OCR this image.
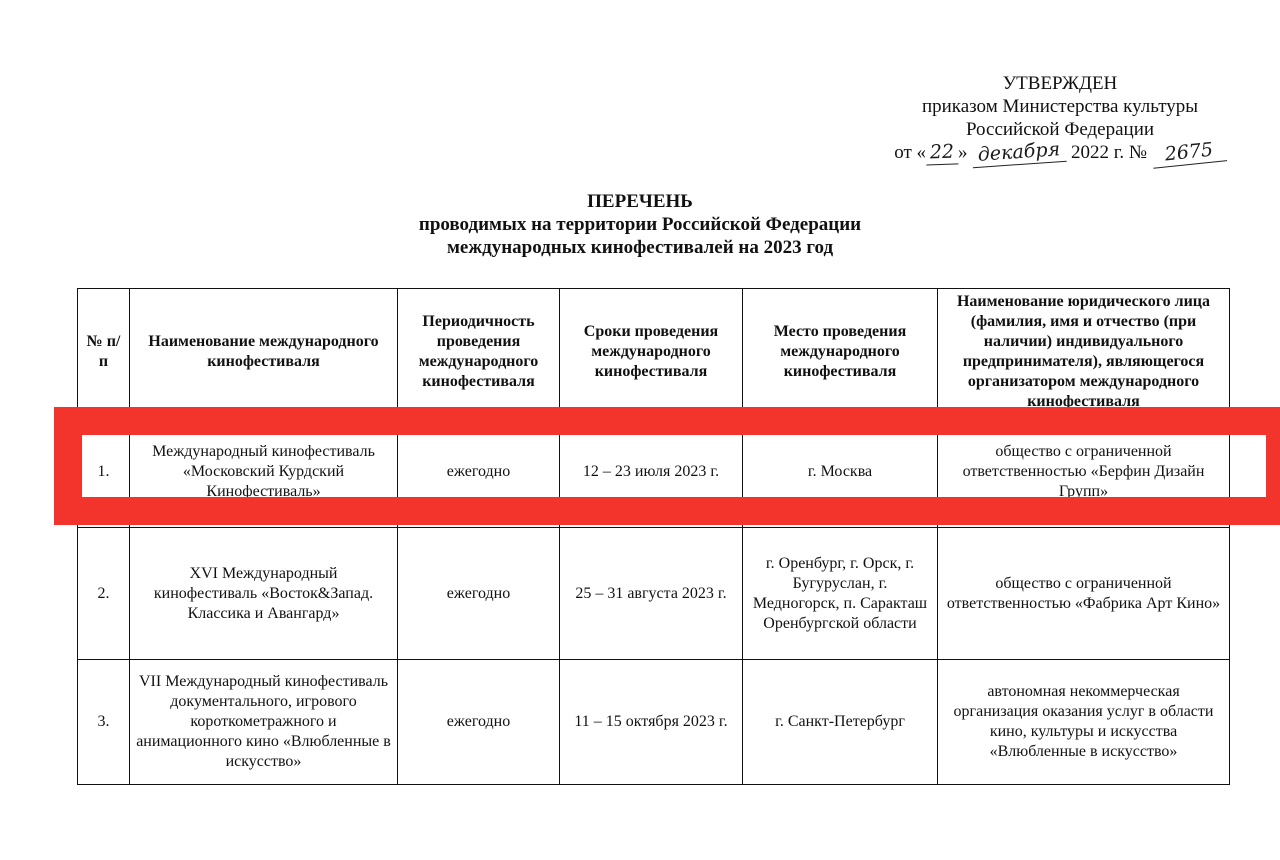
УТВЕРЖДЕН
приказом Министерства культуры
Российской Федерации
от « 22 » декабря 2022 г. № 2675
ПЕРЕЧЕНЬ
проводимых на территории Российской Федерации
международных кинофестивалей на 2023 год
№ п/п	Наименование международного кинофестиваля	Периодичность проведения международного кинофестиваля	Сроки проведения международного кинофестиваля	Место проведения международного кинофестиваля	Наименование юридического лица (фамилия, имя и отчество (при наличии) индивидуального предпринимателя), являющегося организатором международного кинофестиваля
1.	Международный кинофестиваль «Московский Курдский Кинофестиваль»	ежегодно	12 – 23 июля 2023 г.	г. Москва	общество с ограниченной ответственностью «Берфин Дизайн Групп»
2.	XVI Международный кинофестиваль «Восток&Запад. Классика и Авангард»	ежегодно	25 – 31 августа 2023 г.	г. Оренбург, г. Орск, г. Бугуруслан, г. Медногорск, п. Саракташ Оренбургской области	общество с ограниченной ответственностью «Фабрика Арт Кино»
3.	VII Международный кинофестиваль документального, игрового короткометражного и анимационного кино «Влюбленные в искусство»	ежегодно	11 – 15 октября 2023 г.	г. Санкт-Петербург	автономная некоммерческая организация оказания услуг в области кино, культуры и искусства «Влюбленные в искусство»
